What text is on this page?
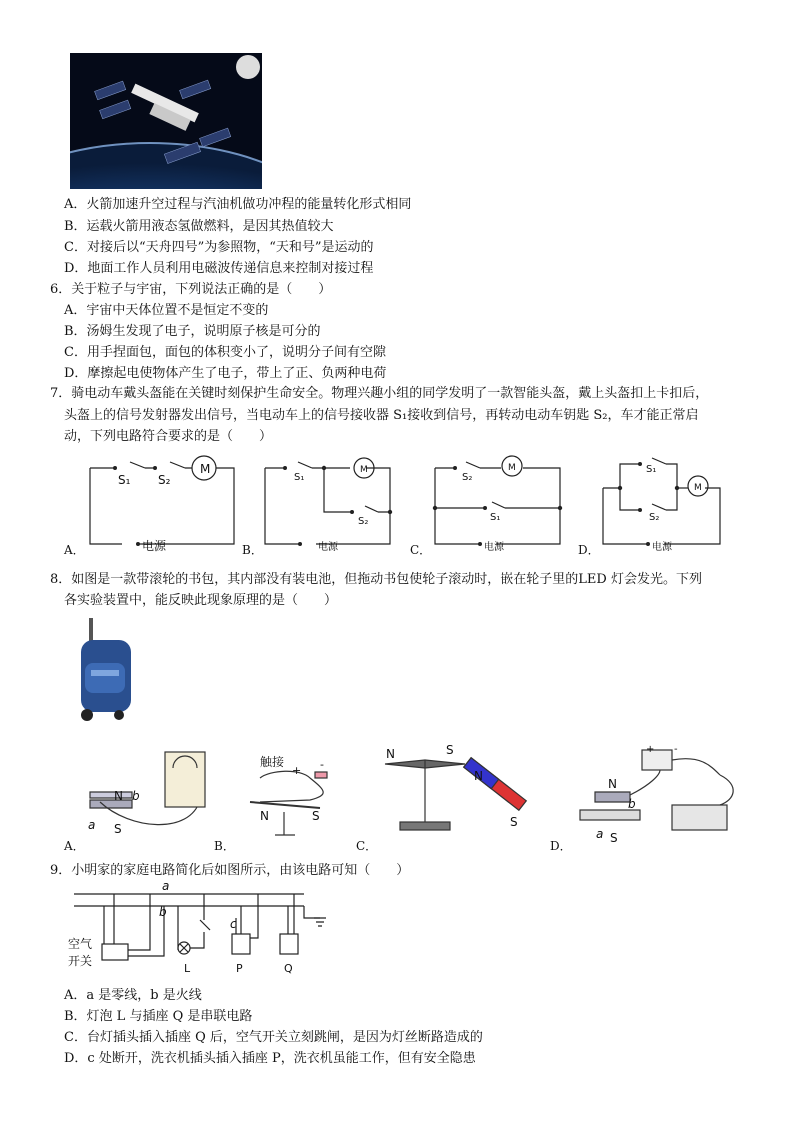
A．火箭加速升空过程与汽油机做功冲程的能量转化形式相同
B．运载火箭用液态氢做燃料，是因其热值较大
C．对接后以“天舟四号”为参照物，“天和号”是运动的
D．地面工作人员利用电磁波传递信息来控制对接过程
6．关于粒子与宇宙，下列说法正确的是（　　）
A．宇宙中天体位置不是恒定不变的
B．汤姆生发现了电子，说明原子核是可分的
C．用手捏面包，面包的体积变小了，说明分子间有空隙
D．摩擦起电使物体产生了电子，带上了正、负两种电荷
7．骑电动车戴头盔能在关键时刻保护生命安全。物理兴趣小组的同学发明了一款智能头盔，戴上头盔扣上卡扣后，
头盔上的信号发射器发出信号，当电动车上的信号接收器 S₁接收到信号，再转动电动车钥匙 S₂，车才能正常启
动，下列电路符合要求的是（　　）
M	M	M
M
S₁ S₂	S₁
S₂
S₂
S₁
S₁
S₂
电源	电源	电源	电源
A．	B．	C．	D．
8．如图是一款带滚轮的书包，其内部没有装电池，但拖动书包使轮子滚动时，嵌在轮子里的LED 灯会发光。下列
各实验装置中，能反映此现象原理的是（　　）
N b
a S
触接
+ -
N	S
N	S
N
S
+ -
N
b
a S
A．	B．	C．	D．
9．小明家的家庭电路简化后如图所示，由该电路可知（　　）
a
b
c
L	P	Q
空气
开关
A．a 是零线，b 是火线
B．灯泡 L 与插座 Q 是串联电路
C．台灯插头插入插座 Q 后，空气开关立刻跳闸，是因为灯丝断路造成的
D．c 处断开，洗衣机插头插入插座 P，洗衣机虽能工作，但有安全隐患
